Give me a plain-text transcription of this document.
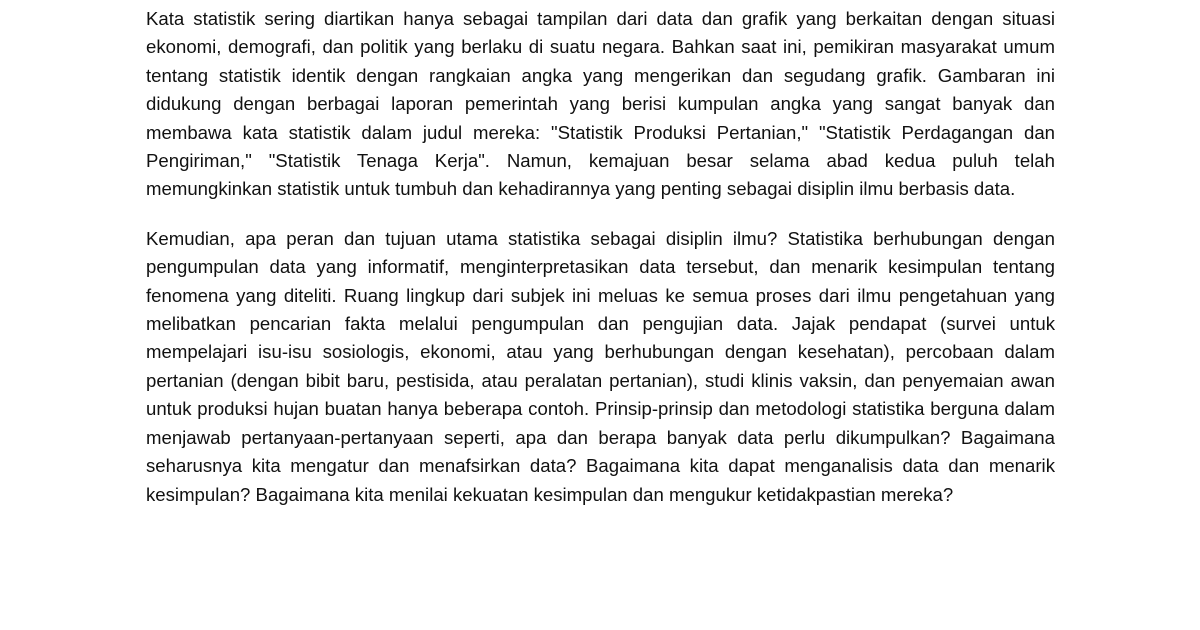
Kata statistik sering diartikan hanya sebagai tampilan dari data dan grafik yang berkaitan dengan situasi ekonomi, demografi, dan politik yang berlaku di suatu negara. Bahkan saat ini, pemikiran masyarakat umum tentang statistik identik dengan rangkaian angka yang mengerikan dan segudang grafik. Gambaran ini didukung dengan berbagai laporan pemerintah yang berisi kumpulan angka yang sangat banyak dan membawa kata statistik dalam judul mereka: "Statistik Produksi Pertanian," "Statistik Perdagangan dan Pengiriman," "Statistik Tenaga Kerja". Namun, kemajuan besar selama abad kedua puluh telah memungkinkan statistik untuk tumbuh dan kehadirannya yang penting sebagai disiplin ilmu berbasis data.

Kemudian, apa peran dan tujuan utama statistika sebagai disiplin ilmu? Statistika berhubungan dengan pengumpulan data yang informatif, menginterpretasikan data tersebut, dan menarik kesimpulan tentang fenomena yang diteliti. Ruang lingkup dari subjek ini meluas ke semua proses dari ilmu pengetahuan yang melibatkan pencarian fakta melalui pengumpulan dan pengujian data. Jajak pendapat (survei untuk mempelajari isu-isu sosiologis, ekonomi, atau yang berhubungan dengan kesehatan), percobaan dalam pertanian (dengan bibit baru, pestisida, atau peralatan pertanian), studi klinis vaksin, dan penyemaian awan untuk produksi hujan buatan hanya beberapa contoh. Prinsip-prinsip dan metodologi statistika berguna dalam menjawab pertanyaan-pertanyaan seperti, apa dan berapa banyak data perlu dikumpulkan? Bagaimana seharusnya kita mengatur dan menafsirkan data? Bagaimana kita dapat menganalisis data dan menarik kesimpulan? Bagaimana kita menilai kekuatan kesimpulan dan mengukur ketidakpastian mereka?
